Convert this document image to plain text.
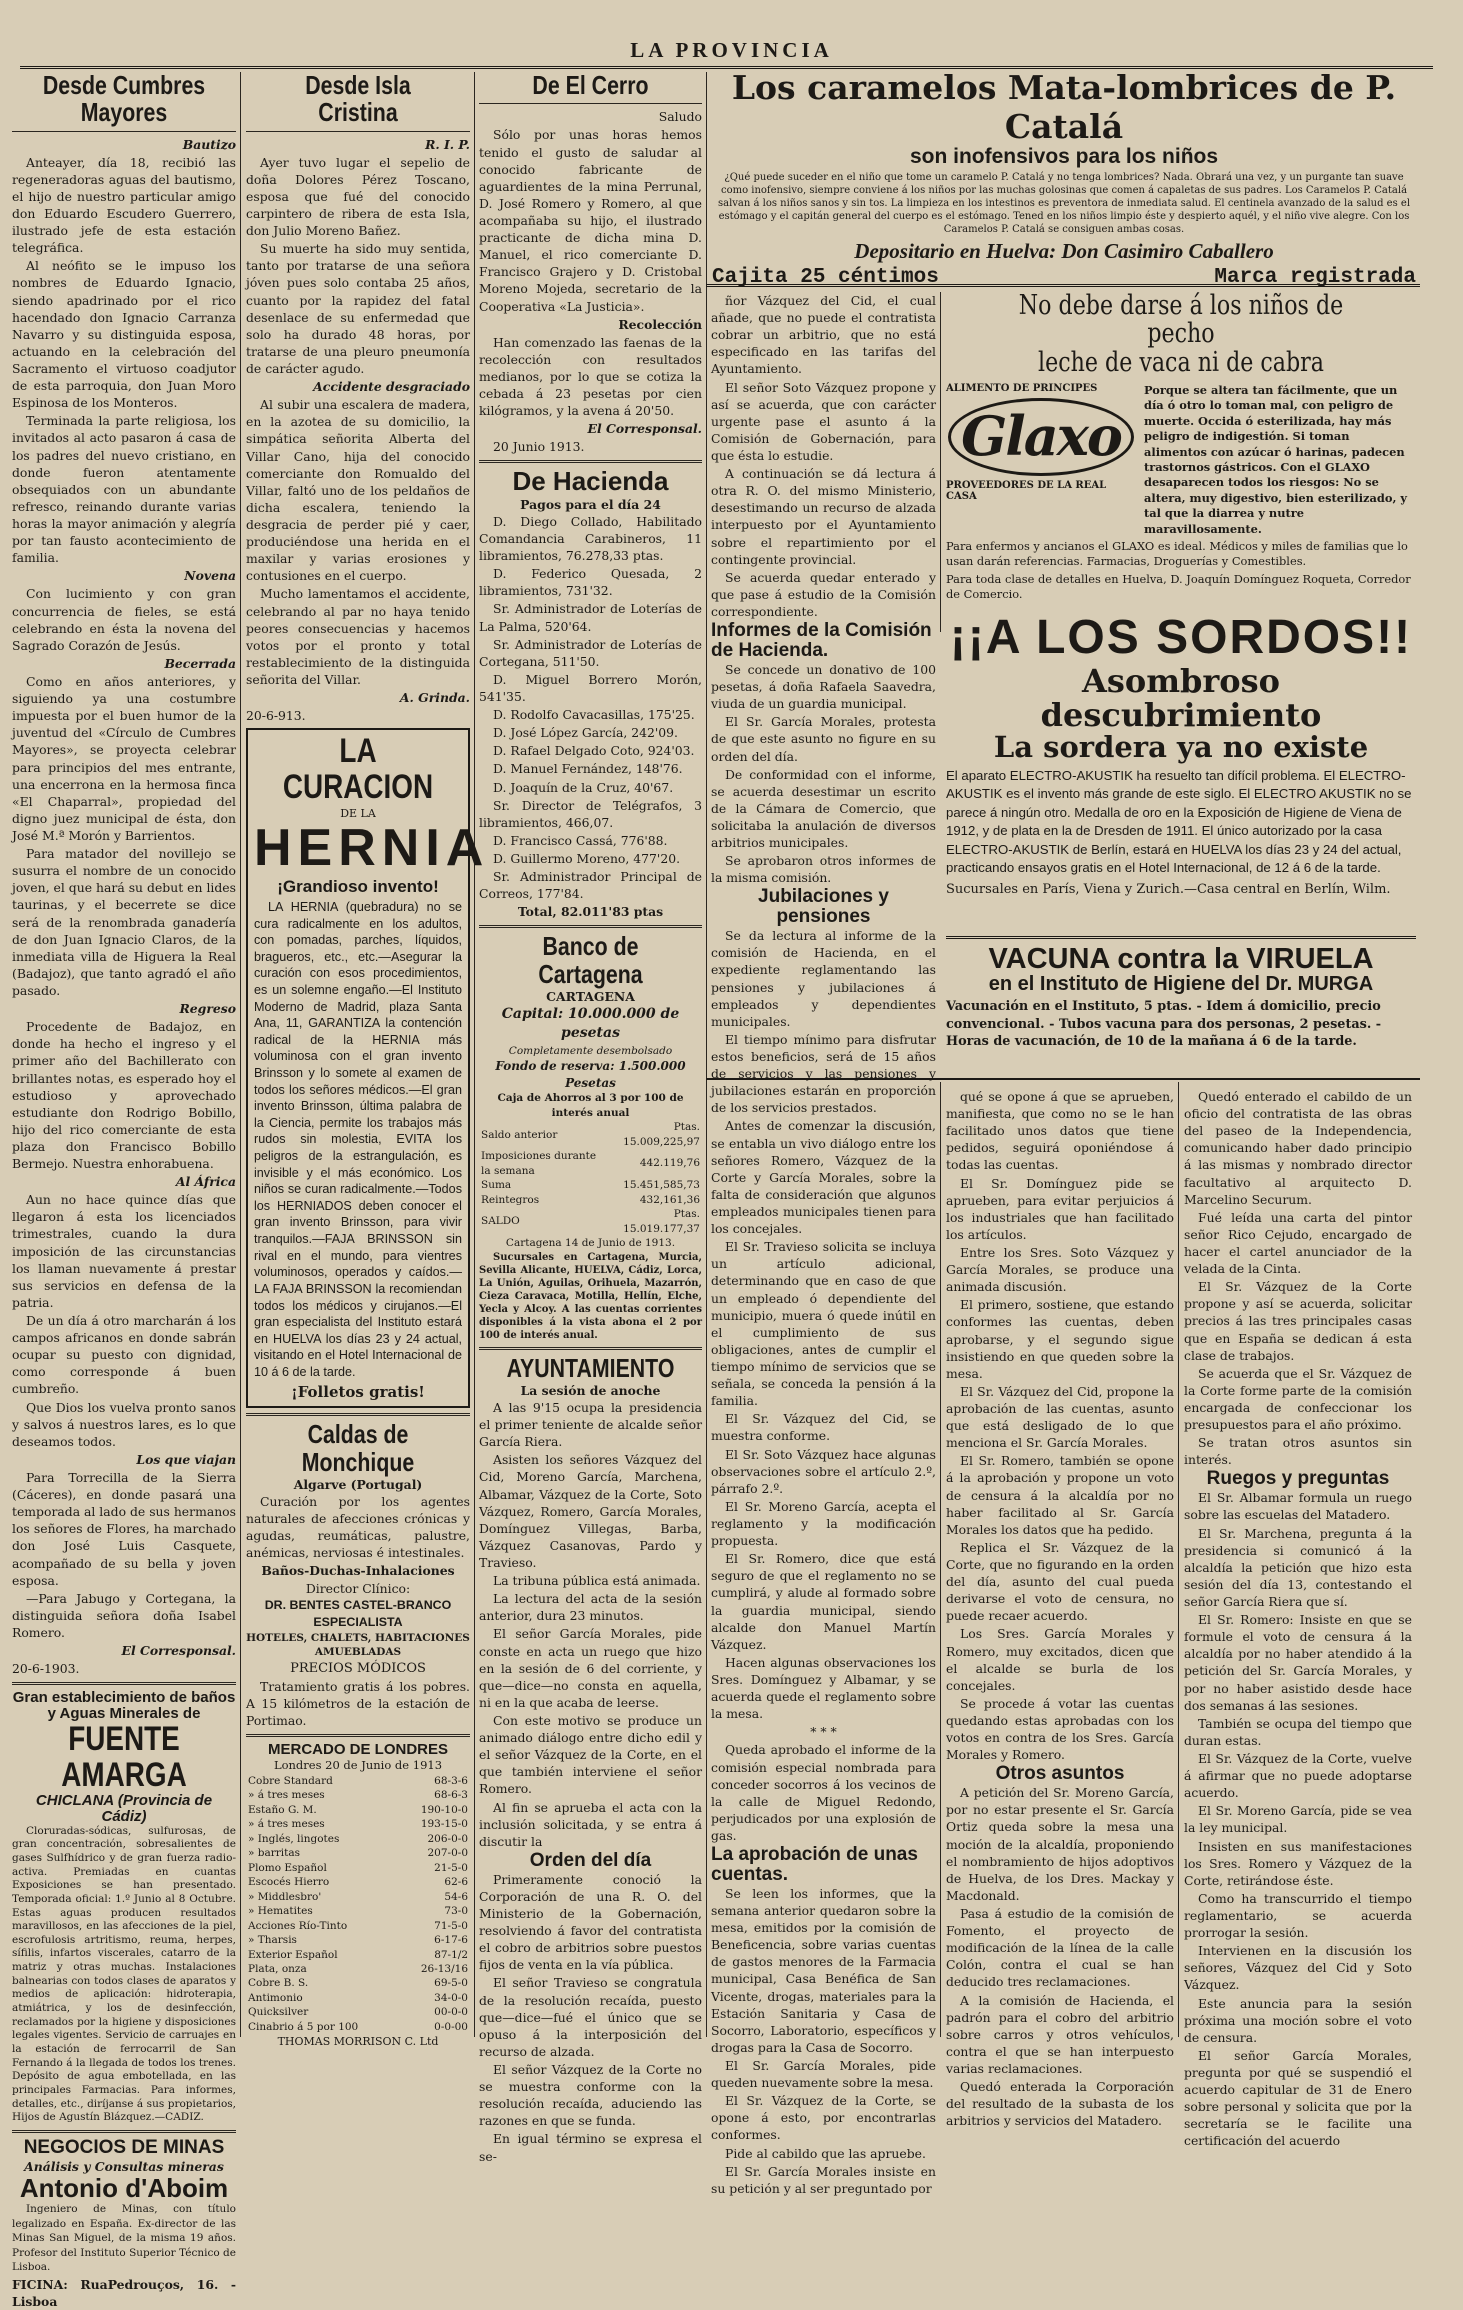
LA PROVINCIA
Desde Cumbres Mayores

Bautizo

Anteayer, día 18, recibió las regeneradoras aguas del bautismo, el hijo de nuestro particular amigo don Eduardo Escudero Guerrero, ilustrado jefe de esta estación telegráfica.

Al neófito se le impuso los nombres de Eduardo Ignacio, siendo apadrinado por el rico hacendado don Ignacio Carranza Navarro y su distinguida esposa, actuando en la celebración del Sacramento el virtuoso coadjutor de esta parroquia, don Juan Moro Espinosa de los Monteros.

Terminada la parte religiosa, los invitados al acto pasaron á casa de los padres del nuevo cristiano, en donde fueron atentamente obsequiados con un abundante refresco, reinando durante varias horas la mayor animación y alegría por tan fausto acontecimiento de familia.

Novena

Con lucimiento y con gran concurrencia de fieles, se está celebrando en ésta la novena del Sagrado Corazón de Jesús.

Becerrada

Como en años anteriores, y siguiendo ya una costumbre impuesta por el buen humor de la juventud del «Círculo de Cumbres Mayores», se proyecta celebrar para principios del mes entrante, una encerrona en la hermosa finca «El Chaparral», propiedad del digno juez municipal de ésta, don José M.ª Morón y Barrientos.

Para matador del novillejo se susurra el nombre de un conocido joven, el que hará su debut en lides taurinas, y el becerrete se dice será de la renombrada ganadería de don Juan Ignacio Claros, de la inmediata villa de Higuera la Real (Badajoz), que tanto agradó el año pasado.

Regreso

Procedente de Badajoz, en donde ha hecho el ingreso y el primer año del Bachillerato con brillantes notas, es esperado hoy el estudioso y aprovechado estudiante don Rodrigo Bobillo, hijo del rico comerciante de esta plaza don Francisco Bobillo Bermejo. Nuestra enhorabuena.

Al África

Aun no hace quince días que llegaron á esta los licenciados trimestrales, cuando la dura imposición de las circunstancias los llaman nuevamente á prestar sus servicios en defensa de la patria.

De un día á otro marcharán á los campos africanos en donde sabrán ocupar su puesto con dignidad, como corresponde á buen cumbreño.

Que Dios los vuelva pronto sanos y salvos á nuestros lares, es lo que deseamos todos.

Los que viajan

Para Torrecilla de la Sierra (Cáceres), en donde pasará una temporada al lado de sus hermanos los señores de Flores, ha marchado don José Luis Casquete, acompañado de su bella y joven esposa.

—Para Jabugo y Cortegana, la distinguida señora doña Isabel Romero.

El Corresponsal.

20-6-1903.

Gran establecimiento de baños y Aguas Minerales de
FUENTE AMARGA
CHICLANA (Provincia de Cádiz)

Cloruradas-sódicas, sulfurosas, de gran concentración, sobresalientes de gases Sulfhídrico y de gran fuerza radio-activa. Premiadas en cuantas Exposiciones se han presentado. Temporada oficial: 1.º Junio al 8 Octubre. Estas aguas producen resultados maravillosos, en las afecciones de la piel, escrofulosis artritismo, reuma, herpes, sífilis, infartos viscerales, catarro de la matriz y otras muchas. Instalaciones balnearias con todos clases de aparatos y medios de aplicación: hidroterapia, atmiátrica, y los de desinfección, reclamados por la higiene y disposiciones legales vigentes. Servicio de carruajes en la estación de ferrocarril de San Fernando á la llegada de todos los trenes. Depósito de agua embotellada, en las principales Farmacias. Para informes, detalles, etc., diríjanse á sus propietarios, Hijos de Agustín Blázquez.—CADIZ.

NEGOCIOS DE MINAS
Análisis y Consultas mineras
Antonio d'Aboim

Ingeniero de Minas, con título legalizado en España. Ex-director de las Minas San Miguel, de la misma 19 años. Profesor del Instituto Superior Técnico de Lisboa.

FICINA: RuaPedrouços, 16. - Lisboa

Desde Isla Cristina

R. I. P.

Ayer tuvo lugar el sepelio de doña Dolores Pérez Toscano, esposa que fué del conocido carpintero de ribera de esta Isla, don Julio Moreno Bañez.

Su muerte ha sido muy sentida, tanto por tratarse de una señora jóven pues solo contaba 25 años, cuanto por la rapidez del fatal desenlace de su enfermedad que solo ha durado 48 horas, por tratarse de una pleuro pneumonía de carácter agudo.

Accidente desgraciado

Al subir una escalera de madera, en la azotea de su domicilio, la simpática señorita Alberta del Villar Cano, hija del conocido comerciante don Romualdo del Villar, faltó uno de los peldaños de dicha escalera, teniendo la desgracia de perder pié y caer, produciéndose una herida en el maxilar y varias erosiones y contusiones en el cuerpo.

Mucho lamentamos el accidente, celebrando al par no haya tenido peores consecuencias y hacemos votos por el pronto y total restablecimiento de la distinguida señorita del Villar.

A. Grinda.

20-6-913.

LA CURACION
DE LA
HERNIA
¡Grandioso invento!

LA HERNIA (quebradura) no se cura radicalmente en los adultos, con pomadas, parches, líquidos, bragueros, etc., etc.—Asegurar la curación con esos procedimientos, es un solemne engaño.—El Instituto Moderno de Madrid, plaza Santa Ana, 11, GARANTIZA la contención radical de la HERNIA más voluminosa con el gran invento Brinsson y lo somete al examen de todos los señores médicos.—El gran invento Brinsson, última palabra de la Ciencia, permite los trabajos más rudos sin molestia, EVITA los peligros de la estrangulación, es invisible y el más económico. Los niños se curan radicalmente.—Todos los HERNIADOS deben conocer el gran invento Brinsson, para vivir tranquilos.—FAJA BRINSSON sin rival en el mundo, para vientres voluminosos, operados y caídos.—LA FAJA BRINSSON la recomiendan todos los médicos y cirujanos.—El gran especialista del Instituto estará en HUELVA los días 23 y 24 actual, visitando en el Hotel Internacional de 10 á 6 de la tarde.

¡Folletos gratis!
Caldas de Monchique
Algarve (Portugal)

Curación por los agentes naturales de afecciones crónicas y agudas, reumáticas, palustre, anémicas, nerviosas é intestinales.

Baños-Duchas-Inhalaciones
Director Clínico:
DR. BENTES CASTEL-BRANCO
ESPECIALISTA
HOTELES, CHALETS, HABITACIONES AMUEBLADAS
PRECIOS MÓDICOS

Tratamiento gratis á los pobres. A 15 kilómetros de la estación de Portimao.

MERCADO DE LONDRES
Londres 20 de Junio de 1913
Cobre Standard	68-3-6
» á tres meses	68-6-3
Estaño G. M.	190-10-0
» á tres meses	193-15-0
» Inglés, lingotes	206-0-0
» barritas	207-0-0
Plomo Español	21-5-0
Escocés Hierro	62-6
» Middlesbro'	54-6
» Hematites	73-0
Acciones Río-Tinto	71-5-0
» Tharsis	6-17-6
Exterior Español	87-1/2
Plata, onza	26-13/16
Cobre B. S.	69-5-0
Antimonio	34-0-0
Quicksilver	00-0-0
Cinabrio á 5 por 100	0-0-00
THOMAS MORRISON C. Ltd
De El Cerro

Saludo

Sólo por unas horas hemos tenido el gusto de saludar al conocido fabricante de aguardientes de la mina Perrunal, D. José Romero y Romero, al que acompañaba su hijo, el ilustrado practicante de dicha mina D. Manuel, el rico comerciante D. Francisco Grajero y D. Cristobal Moreno Mojeda, secretario de la Cooperativa «La Justicia».

Recolección

Han comenzado las faenas de la recolección con resultados medianos, por lo que se cotiza la cebada á 23 pesetas por cien kilógramos, y la avena á 20'50.

El Corresponsal.

20 Junio 1913.

De Hacienda
Pagos para el día 24

D. Diego Collado, Habilitado Comandancia Carabineros, 11 libramientos, 76.278,33 ptas.

D. Federico Quesada, 2 libramientos, 731'32.

Sr. Administrador de Loterías de La Palma, 520'64.

Sr. Administrador de Loterías de Cortegana, 511'50.

D. Miguel Borrero Morón, 541'35.

D. Rodolfo Cavacasillas, 175'25.

D. José López García, 242'09.

D. Rafael Delgado Coto, 924'03.

D. Manuel Fernández, 148'76.

D. Joaquín de la Cruz, 40'67.

Sr. Director de Telégrafos, 3 libramientos, 466,07.

D. Francisco Cassá, 776'88.

D. Guillermo Moreno, 477'20.

Sr. Administrador Principal de Correos, 177'84.

Total, 82.011'83 ptas

Banco de Cartagena
CARTAGENA
Capital: 10.000.000 de pesetas
Completamente desembolsado
Fondo de reserva: 1.500.000 Pesetas
Caja de Ahorros al 3 por 100 de interés anual
Saldo anterior	Ptas. 15.009,225,97
Imposiciones durante la semana	442.119,76
Suma	15.451,585,73
Reintegros	432,161,36
SALDO	Ptas. 15.019.177,37
Cartagena 14 de Junio de 1913.

Sucursales en Cartagena, Murcia, Sevilla Alicante, HUELVA, Cádiz, Lorca, La Unión, Aguilas, Orihuela, Mazarrón, Cieza Caravaca, Motilla, Hellín, Elche, Yecla y Alcoy. A las cuentas corrientes disponibles á la vista abona el 2 por 100 de interés anual.

AYUNTAMIENTO
La sesión de anoche

A las 9'15 ocupa la presidencia el primer teniente de alcalde señor García Riera.

Asisten los señores Vázquez del Cid, Moreno García, Marchena, Albamar, Vázquez de la Corte, Soto Vázquez, Romero, García Morales, Domínguez Villegas, Barba, Vázquez Casanovas, Pardo y Travieso.

La tribuna pública está animada.

La lectura del acta de la sesión anterior, dura 23 minutos.

El señor García Morales, pide conste en acta un ruego que hizo en la sesión de 6 del corriente, y que—dice—no consta en aquella, ni en la que acaba de leerse.

Con este motivo se produce un animado diálogo entre dicho edil y el señor Vázquez de la Corte, en el que también interviene el señor Romero.

Al fin se aprueba el acta con la inclusión solicitada, y se entra á discutir la

Orden del día

Primeramente conoció la Corporación de una R. O. del Ministerio de la Gobernación, resolviendo á favor del contratista el cobro de arbitrios sobre puestos fijos de venta en la vía pública.

El señor Travieso se congratula de la resolución recaída, puesto que—dice—fué el único que se opuso á la interposición del recurso de alzada.

El señor Vázquez de la Corte no se muestra conforme con la resolución recaída, aduciendo las razones en que se funda.

En igual término se expresa el se-

Los caramelos Mata-lombrices de P. Catalá
son inofensivos para los niños

¿Qué puede suceder en el niño que tome un caramelo P. Catalá y no tenga lombrices? Nada. Obrará una vez, y un purgante tan suave como inofensivo, siempre conviene á los niños por las muchas golosinas que comen á capaletas de sus padres. Los Caramelos P. Catalá salvan á los niños sanos y sin tos. La limpieza en los intestinos es preventora de inmediata salud. El centinela avanzado de la salud es el estómago y el capitán general del cuerpo es el estómago. Tened en los niños limpio éste y despierto aquél, y el niño vive alegre. Con los Caramelos P. Catalá se consiguen ambas cosas.

Depositario en Huelva: Don Casimiro Caballero
Cajita 25 céntimos	Marca registrada

ñor Vázquez del Cid, el cual añade, que no puede el contratista cobrar un arbitrio, que no está especificado en las tarifas del Ayuntamiento.

El señor Soto Vázquez propone y así se acuerda, que con carácter urgente pase el asunto á la Comisión de Gobernación, para que ésta lo estudie.

A continuación se dá lectura á otra R. O. del mismo Ministerio, desestimando un recurso de alzada interpuesto por el Ayuntamiento sobre el repartimiento por el contingente provincial.

Se acuerda quedar enterado y que pase á estudio de la Comisión correspondiente.

Informes de la Comisión de Hacienda.

Se concede un donativo de 100 pesetas, á doña Rafaela Saavedra, viuda de un guardia municipal.

El Sr. García Morales, protesta de que este asunto no figure en su orden del día.

De conformidad con el informe, se acuerda desestimar un escrito de la Cámara de Comercio, que solicitaba la anulación de diversos arbitrios municipales.

Se aprobaron otros informes de la misma comisión.

Jubilaciones y pensiones

Se da lectura al informe de la comisión de Hacienda, en el expediente reglamentando las pensiones y jubilaciones á empleados y dependientes municipales.

El tiempo mínimo para disfrutar estos beneficios, será de 15 años de servicios y las pensiones y jubilaciones estarán en proporción de los servicios prestados.

Antes de comenzar la discusión, se entabla un vivo diálogo entre los señores Romero, Vázquez de la Corte y García Morales, sobre la falta de consideración que algunos empleados municipales tienen para los concejales.

El Sr. Travieso solicita se incluya un artículo adicional, determinando que en caso de que un empleado ó dependiente del municipio, muera ó quede inútil en el cumplimiento de sus obligaciones, antes de cumplir el tiempo mínimo de servicios que se señala, se conceda la pensión á la familia.

El Sr. Vázquez del Cid, se muestra conforme.

El Sr. Soto Vázquez hace algunas observaciones sobre el artículo 2.º, párrafo 2.º.

El Sr. Moreno García, acepta el reglamento y la modificación propuesta.

El Sr. Romero, dice que está seguro de que el reglamento no se cumplirá, y alude al formado sobre la guardia municipal, siendo alcalde don Manuel Martín Vázquez.

Hacen algunas observaciones los Sres. Domínguez y Albamar, y se acuerda quede el reglamento sobre la mesa.

* * *

Queda aprobado el informe de la comisión especial nombrada para conceder socorros á los vecinos de la calle de Miguel Redondo, perjudicados por una explosión de gas.

La aprobación de unas cuentas.

Se leen los informes, que la semana anterior quedaron sobre la mesa, emitidos por la comisión de Beneficencia, sobre varias cuentas de gastos menores de la Farmacia municipal, Casa Benéfica de San Vicente, drogas, materiales para la Estación Sanitaria y Casa de Socorro, Laboratorio, específicos y drogas para la Casa de Socorro.

El Sr. García Morales, pide queden nuevamente sobre la mesa.

El Sr. Vázquez de la Corte, se opone á esto, por encontrarlas conformes.

Pide al cabildo que las apruebe.

El Sr. García Morales insiste en su petición y al ser preguntado por

No debe darse á los niños de pecho
leche de vaca ni de cabra
ALIMENTO DE PRINCIPES
Glaxo
PROVEEDORES DE LA REAL CASA

Porque se altera tan fácilmente, que un día ó otro lo toman mal, con peligro de muerte. Occida ó esterilizada, hay más peligro de indigestión. Si toman alimentos con azúcar ó harinas, padecen trastornos gástricos. Con el GLAXO desaparecen todos los riesgos: No se altera, muy digestivo, bien esterilizado, y tal que la diarrea y nutre maravillosamente.

Para enfermos y ancianos el GLAXO es ideal. Médicos y miles de familias que lo usan darán referencias. Farmacias, Droguerías y Comestibles.

Para toda clase de detalles en Huelva, D. Joaquín Domínguez Roqueta, Corredor de Comercio.

¡¡A LOS SORDOS!!
Asombroso descubrimiento
La sordera ya no existe

El aparato ELECTRO-AKUSTIK ha resuelto tan difícil problema. El ELECTRO-AKUSTIK es el invento más grande de este siglo. El ELECTRO AKUSTIK no se parece á ningún otro. Medalla de oro en la Exposición de Higiene de Viena de 1912, y de plata en la de Dresden de 1911. El único autorizado por la casa ELECTRO-AKUSTIK de Berlín, estará en HUELVA los días 23 y 24 del actual, practicando ensayos gratis en el Hotel Internacional, de 12 á 6 de la tarde.

Sucursales en París, Viena y Zurich.—Casa central en Berlín, Wilm.

VACUNA contra la VIRUELA
en el Instituto de Higiene del Dr. MURGA

Vacunación en el Instituto, 5 ptas. - Idem á domicilio, precio convencional. - Tubos vacuna para dos personas, 2 pesetas. - Horas de vacunación, de 10 de la mañana á 6 de la tarde.

qué se opone á que se aprueben, manifiesta, que como no se le han facilitado unos datos que tiene pedidos, seguirá oponiéndose á todas las cuentas.

El Sr. Domínguez pide se aprueben, para evitar perjuicios á los industriales que han facilitado los artículos.

Entre los Sres. Soto Vázquez y García Morales, se produce una animada discusión.

El primero, sostiene, que estando conformes las cuentas, deben aprobarse, y el segundo sigue insistiendo en que queden sobre la mesa.

El Sr. Vázquez del Cid, propone la aprobación de las cuentas, asunto que está desligado de lo que menciona el Sr. García Morales.

El Sr. Romero, también se opone á la aprobación y propone un voto de censura á la alcaldía por no haber facilitado al Sr. García Morales los datos que ha pedido.

Replica el Sr. Vázquez de la Corte, que no figurando en la orden del día, asunto del cual pueda derivarse el voto de censura, no puede recaer acuerdo.

Los Sres. García Morales y Romero, muy excitados, dicen que el alcalde se burla de los concejales.

Se procede á votar las cuentas quedando estas aprobadas con los votos en contra de los Sres. García Morales y Romero.

Otros asuntos

A petición del Sr. Moreno García, por no estar presente el Sr. García Ortiz queda sobre la mesa una moción de la alcaldía, proponiendo el nombramiento de hijos adoptivos de Huelva, de los Dres. Mackay y Macdonald.

Pasa á estudio de la comisión de Fomento, el proyecto de modificación de la línea de la calle Colón, contra el cual se han deducido tres reclamaciones.

A la comisión de Hacienda, el padrón para el cobro del arbitrio sobre carros y otros vehículos, contra el que se han interpuesto varias reclamaciones.

Quedó enterada la Corporación del resultado de la subasta de los arbitrios y servicios del Matadero.

Quedó enterado el cabildo de un oficio del contratista de las obras del paseo de la Independencia, comunicando haber dado principio á las mismas y nombrado director facultativo al arquitecto D. Marcelino Securum.

Fué leída una carta del pintor señor Rico Cejudo, encargado de hacer el cartel anunciador de la velada de la Cinta.

El Sr. Vázquez de la Corte propone y así se acuerda, solicitar precios á las tres principales casas que en España se dedican á esta clase de trabajos.

Se acuerda que el Sr. Vázquez de la Corte forme parte de la comisión encargada de confeccionar los presupuestos para el año próximo.

Se tratan otros asuntos sin interés.

Ruegos y preguntas

El Sr. Albamar formula un ruego sobre las escuelas del Matadero.

El Sr. Marchena, pregunta á la presidencia si comunicó á la alcaldía la petición que hizo esta sesión del día 13, contestando el señor García Riera que sí.

El Sr. Romero: Insiste en que se formule el voto de censura á la alcaldía por no haber atendido á la petición del Sr. García Morales, y por no haber asistido desde hace dos semanas á las sesiones.

También se ocupa del tiempo que duran estas.

El Sr. Vázquez de la Corte, vuelve á afirmar que no puede adoptarse acuerdo.

El Sr. Moreno García, pide se vea la ley municipal.

Insisten en sus manifestaciones los Sres. Romero y Vázquez de la Corte, retirándose éste.

Como ha transcurrido el tiempo reglamentario, se acuerda prorrogar la sesión.

Intervienen en la discusión los señores, Vázquez del Cid y Soto Vázquez.

Este anuncia para la sesión próxima una moción sobre el voto de censura.

El señor García Morales, pregunta por qué se suspendió el acuerdo capitular de 31 de Enero sobre personal y solicita que por la secretaría se le facilite una certificación del acuerdo
